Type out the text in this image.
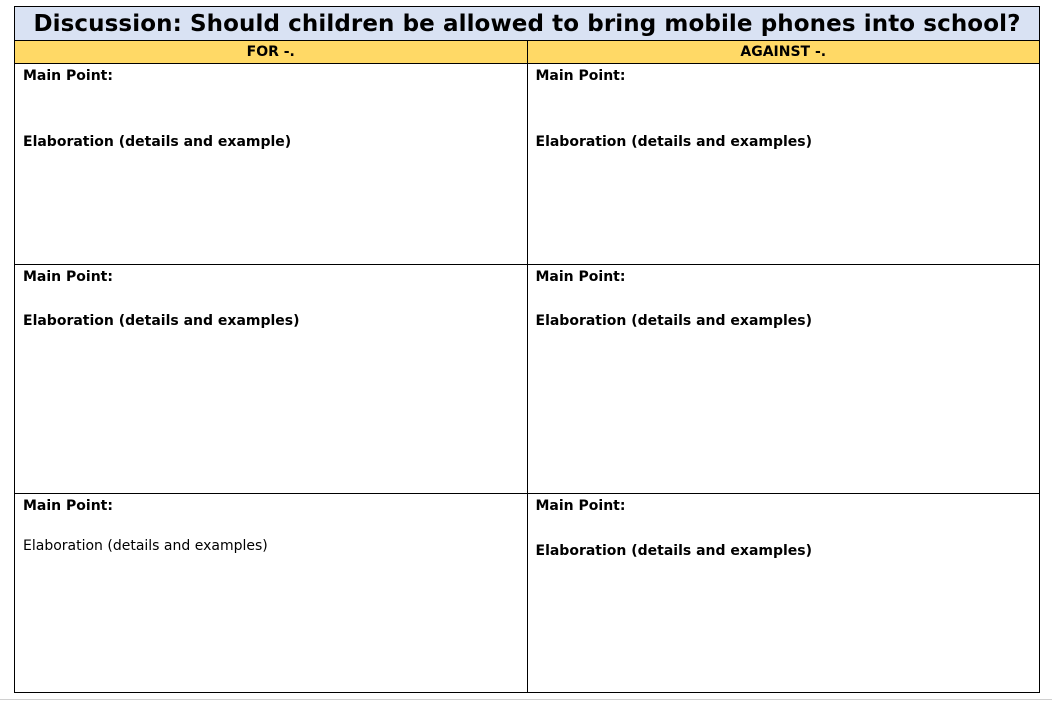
Discussion: Should children be allowed to bring mobile phones into school?
FOR -.	AGAINST -.
Main Point:
Elaboration (details and example)
Main Point:
Elaboration (details and examples)
Main Point:
Elaboration (details and examples)
Main Point:
Elaboration (details and examples)
Main Point:
Elaboration (details and examples)
Main Point:
Elaboration (details and examples)
